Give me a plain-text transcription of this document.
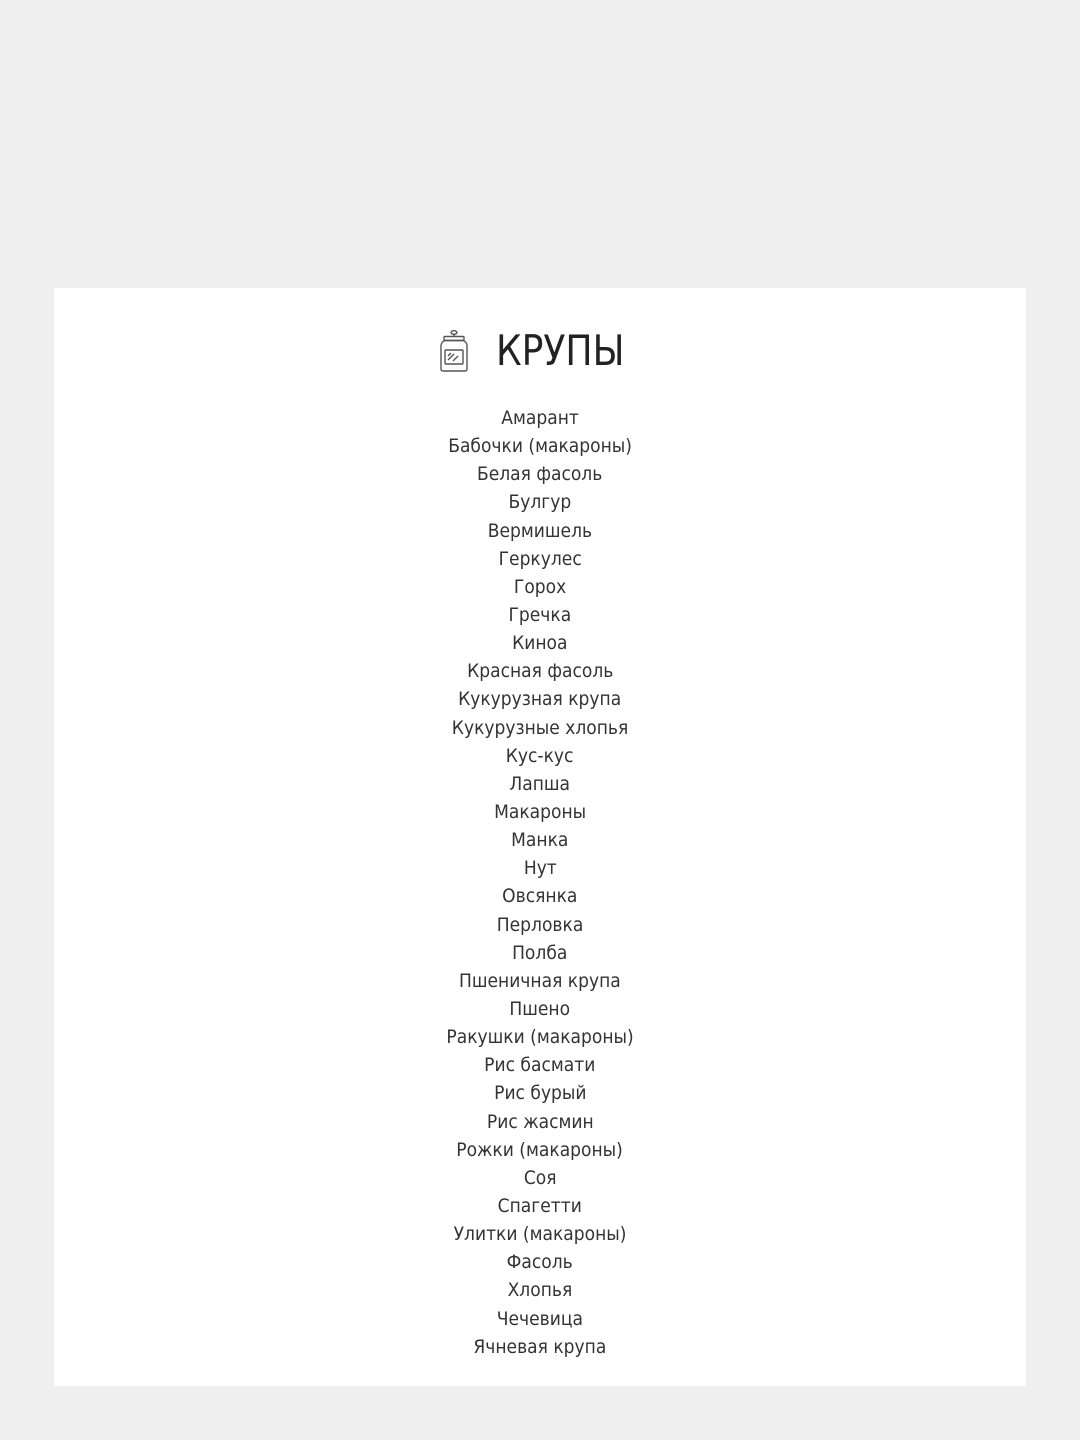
КРУПЫ
Амарант
Бабочки (макароны)
Белая фасоль
Булгур
Вермишель
Геркулес
Горох
Гречка
Киноа
Красная фасоль
Кукурузная крупа
Кукурузные хлопья
Кус-кус
Лапша
Макароны
Манка
Нут
Овсянка
Перловка
Полба
Пшеничная крупа
Пшено
Ракушки (макароны)
Рис басмати
Рис бурый
Рис жасмин
Рожки (макароны)
Соя
Спагетти
Улитки (макароны)
Фасоль
Хлопья
Чечевица
Ячневая крупа
